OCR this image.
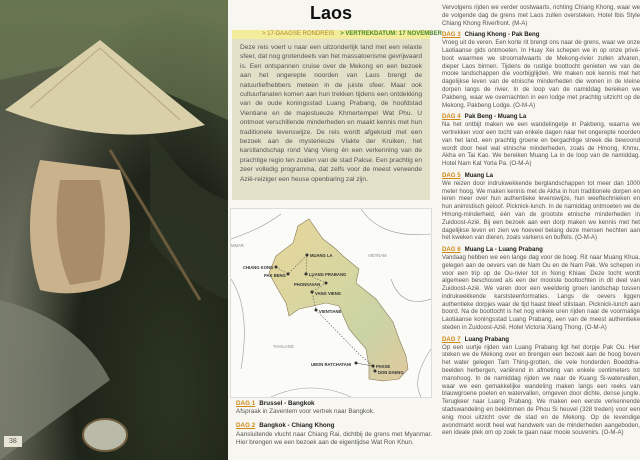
38
Laos
> 17-DAAGSE RONDREIS > VERTREKDATUM: 17 NOVEMBER

Deze reis voert u naar een uitzonderlijk land met een relaxte sfeer, dat nog grotendeels van het massatoerisme gevrijwaard is. Een ontspannen cruise over de Mekong en een bezoek aan het ongerepte noorden van Laos brengt de natuurliefhebbers meteen in de juiste sfeer. Maar ook cultuurfanaten komen aan hun trekken tijdens een ontdekking van de oude koningsstad Luang Prabang, de hoofdstad Vientiane en de majestueuze Khmertempel Wat Phu. U ontmoet verschillende minderheden en maakt kennis met hun traditionele levenswijze. De reis wordt afgekruid met een bezoek aan de mysterieuze Vlakte der Kruiken, het karstlandschap rond Vang Vieng én een verkenning van de prachtige regio ten zuiden van de stad Pakse. Een prachtig en zeer volledig programma, dat zelfs voor de meest verwende Azië-reiziger een heuse openbaring zal zijn.

VIETNAM
THAILAND
MMAR
MUANG LA
CHIANG KONG
PAK BENG	LUANG PRABANG
PHONSAVAN
VANG VIENG
VIENTIANE
UBON RATCHATANI	PAKSE
DON DAENG
DAG 1 Brussel - Bangkok

Afspraak in Zaventem voor vertrek naar Bangkok.

DAG 2 Bangkok - Chiang Khong

Aansluitende vlucht naar Chiang Rai, dichtbij de grens met Myanmar. Hier brengen we een bezoek aan de eigentijdse Wat Ron Khun.

Vervolgens rijden we verder oostwaarts, richting Chiang Khong, waar we de volgende dag de grens met Laos zullen oversteken. Hotel Ibis Style Chiang Khong Riverfront. (M-A)

DAG 3 Chiang Khong - Pak Beng

Vroeg uit de veren. Een korte rit brengt ons naar de grens, waar we onze Laotiaanse gids ontmoeten. In Huay Xei schepen we in op onze privé-boot waarmee we stroomafwaarts de Mekong-rivier zullen afvaren, dieper Laos binnen. Tijdens de rustige boottocht genieten we van de mooie landschappen die voorbijglijden. We maken ook kennis met het dagelijkse leven van de etnische minderheden die wonen in de kleine dorpen langs de rivier. In de loop van de namiddag bereiken we Pakbeng, waar we overnachten in een lodge met prachtig uitzicht op de Mekong. Pakbeng Lodge. (O-M-A)

DAG 4 Pak Beng - Muang La

Na het ontbijt maken we een wandelingetje in Pakbeng, waarna we vertrekken voor een tocht van enkele dagen naar het ongerepte noorden van het land, een prachtig groene en bergachtige streek die bewoond wordt door heel wat etnische minderheden, zoals de Hmong, Khmu, Akha en Tai Kao. We bereiken Muang La in de loop van de namiddag. Hotel Nam Kat Yorla Pa. (O-M-A)

DAG 5 Muang La

We reizen door indrukwekkende berglandschappen tot meer dan 1000 meter hoog. We maken kennis met de Akha in hun traditionele dorpen en leren meer over hun authentieke levenswijze, hun weeftechnieken en hun animistisch geloof. Picknick-lunch. In de namiddag ontmoeten we de Hmong-minderheid, één van de grootste etnische minderheden in Zuidoost-Azië. Bij een bezoek aan een dorp maken we kennis met het dagelijkse leven en zien we hoeveel belang deze mensen hechten aan het kweken van dieren, zoals varkens en buffels. (O-M-A)

DAG 6 Muang La - Luang Prabang

Vandaag hebben we een lange dag voor de boeg. Rit naar Muang Khua, gelegen aan de oevers van de Nam Ou en de Nam Pak. We schepen in voor een trip op de Ou-rivier tot in Nong Khiaw. Deze tocht wordt algemeen beschouwd als een der mooiste boottochten in dit deel van Zuidoost-Azië. We varen door een weelderig groen landschap tussen indrukwekkende karststeenformaties. Langs de oevers liggen authentieke dorpjes waar de tijd haast bleef stilstaan. Picknick-lunch aan boord. Na de boottocht is het nog enkele uren rijden naar de voormalige Laotiaanse koningsstad Luang Prabang, een van de meest authentieke steden in Zuidoost-Azië. Hotel Victoria Xiang Thong. (O-M-A)

DAG 7 Luang Prabang

Op een uurtje rijden van Luang Prabang ligt het dorpje Pak Ou. Hier steken we de Mekong over en brengen een bezoek aan de hoog boven het water gelegen Tam Thing-grotten, die vele honderden Boeddha-beelden herbergen, variërend in afmeting van enkele centimeters tot manshoog. In de namiddag rijden we naar de Kuang Si-watervallen, waar we een gemakkelijke wandeling maken langs een reeks van blauwgroene poelen en watervallen, omgeven door dichte, dense jungle. Terugkeer naar Luang Prabang. We maken een eerste verkennende stadswandeling en beklimmen de Phou Si heuvel (328 treden) voor een enig mooi uitzicht over de stad en de Mekong. Op de levendige avondmarkt wordt heel wat handwerk van de minderheden aangeboden, een ideale plek om op zoek te gaan naar mooie souvenirs. (O-M-A)
